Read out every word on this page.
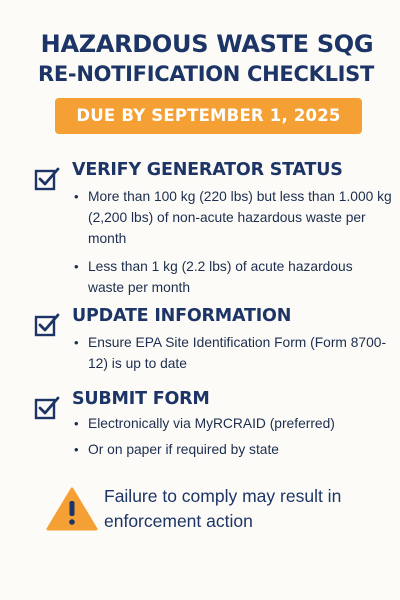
HAZARDOUS WASTE SQG
RE-NOTIFICATION CHECKLIST
DUE BY SEPTEMBER 1, 2025
VERIFY GENERATOR STATUS
• More than 100 kg (220 lbs) but less than 1.000 kg (2,200 lbs) of non-acute hazardous waste per month
• Less than 1 kg (2.2 lbs) of acute hazardous waste per month
UPDATE INFORMATION
• Ensure EPA Site Identification Form (Form 8700-12) is up to date
SUBMIT FORM
• Electronically via MyRCRAID (preferred)
• Or on paper if required by state
Failure to comply may result in enforcement action
